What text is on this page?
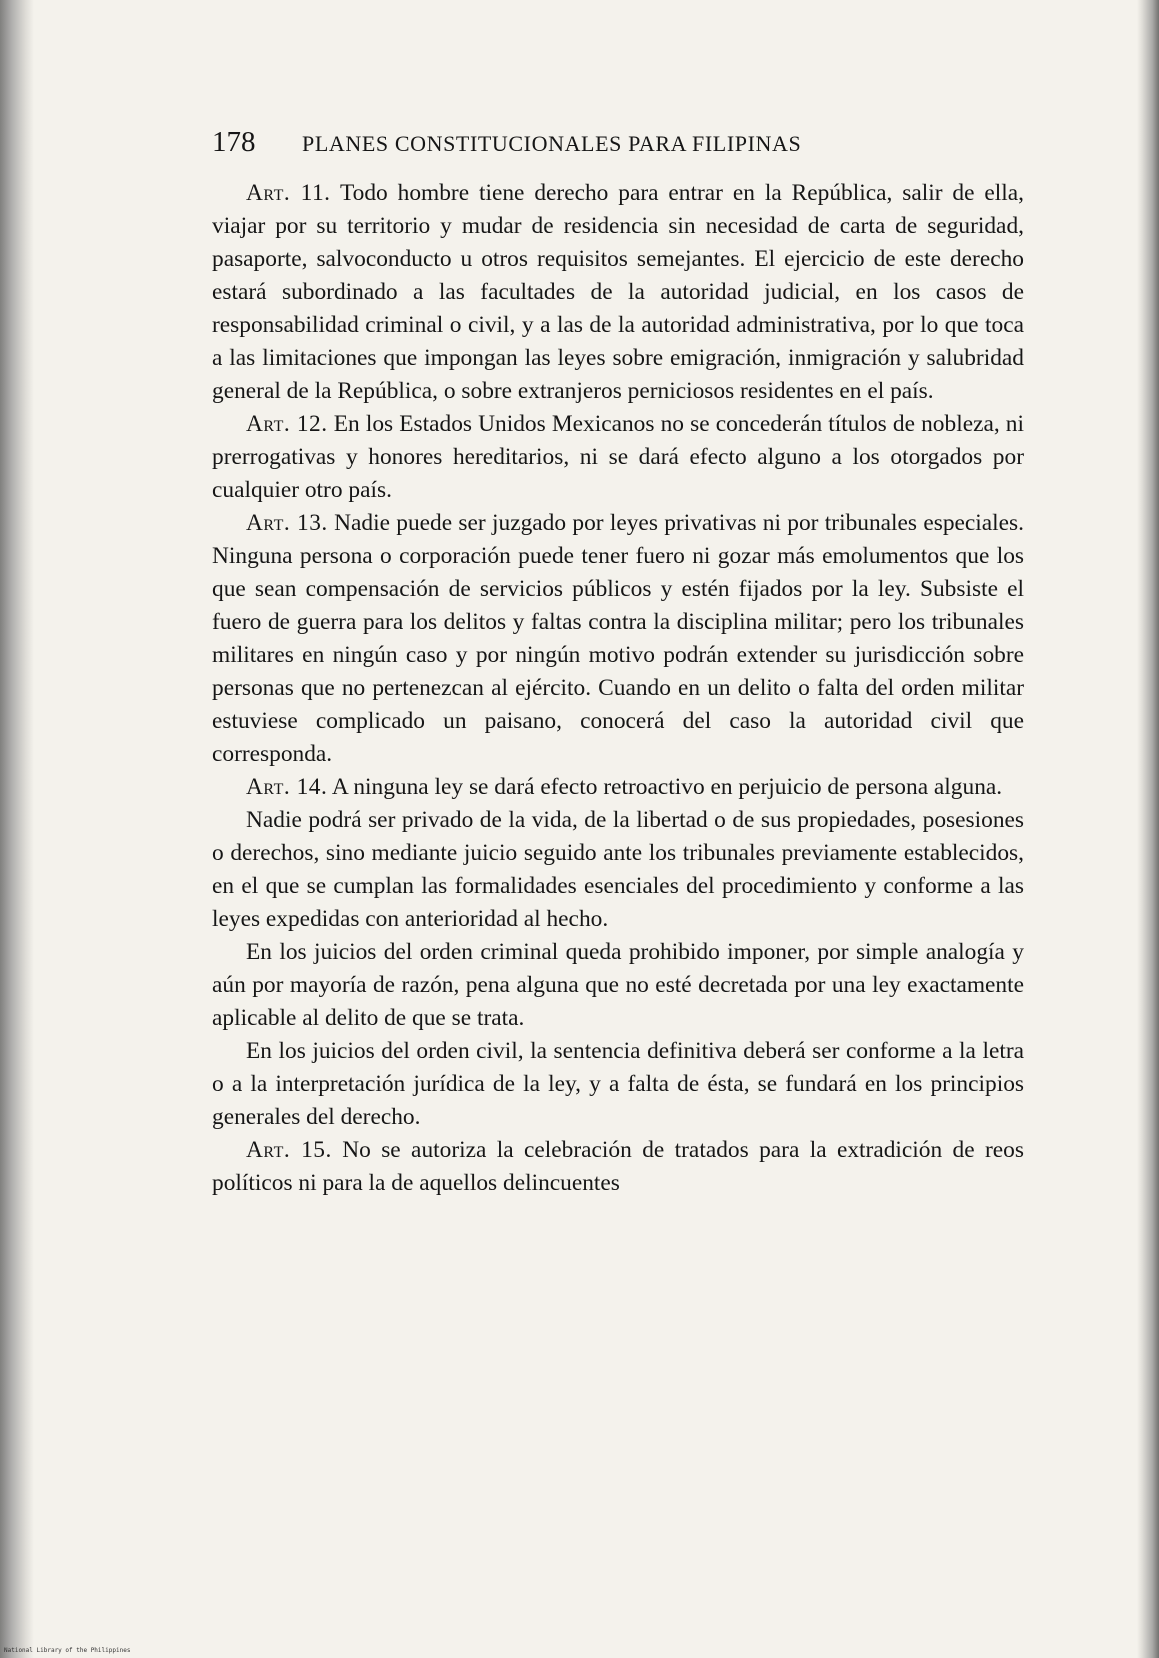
178	PLANES CONSTITUCIONALES PARA FILIPINAS

Art. 11. Todo hombre tiene derecho para entrar en la República, salir de ella, viajar por su territorio y mudar de residencia sin necesidad de carta de seguridad, pasaporte, salvoconducto u otros requisitos semejantes. El ejercicio de este derecho estará subordinado a las facultades de la autoridad judicial, en los casos de responsabilidad criminal o civil, y a las de la autoridad administrativa, por lo que toca a las limitaciones que impongan las leyes sobre emigración, inmigración y salubridad general de la República, o sobre extranjeros perniciosos residentes en el país.

Art. 12. En los Estados Unidos Mexicanos no se concederán títulos de nobleza, ni prerrogativas y honores hereditarios, ni se dará efecto alguno a los otorgados por cualquier otro país.

Art. 13. Nadie puede ser juzgado por leyes privativas ni por tribunales especiales. Ninguna persona o corporación puede tener fuero ni gozar más emolumentos que los que sean compensación de servicios públicos y estén fijados por la ley. Subsiste el fuero de guerra para los delitos y faltas contra la disciplina militar; pero los tribunales militares en ningún caso y por ningún motivo podrán extender su jurisdicción sobre personas que no pertenezcan al ejército. Cuando en un delito o falta del orden militar estuviese complicado un paisano, conocerá del caso la autoridad civil que corresponda.

Art. 14. A ninguna ley se dará efecto retroactivo en perjuicio de persona alguna.

Nadie podrá ser privado de la vida, de la libertad o de sus propiedades, posesiones o derechos, sino mediante juicio seguido ante los tribunales previamente establecidos, en el que se cumplan las formalidades esenciales del procedimiento y conforme a las leyes expedidas con anterioridad al hecho.

En los juicios del orden criminal queda prohibido imponer, por simple analogía y aún por mayoría de razón, pena alguna que no esté decretada por una ley exactamente aplicable al delito de que se trata.

En los juicios del orden civil, la sentencia definitiva deberá ser conforme a la letra o a la interpretación jurídica de la ley, y a falta de ésta, se fundará en los principios generales del derecho.

Art. 15. No se autoriza la celebración de tratados para la extradición de reos políticos ni para la de aquellos delincuentes

National Library of the Philippines
